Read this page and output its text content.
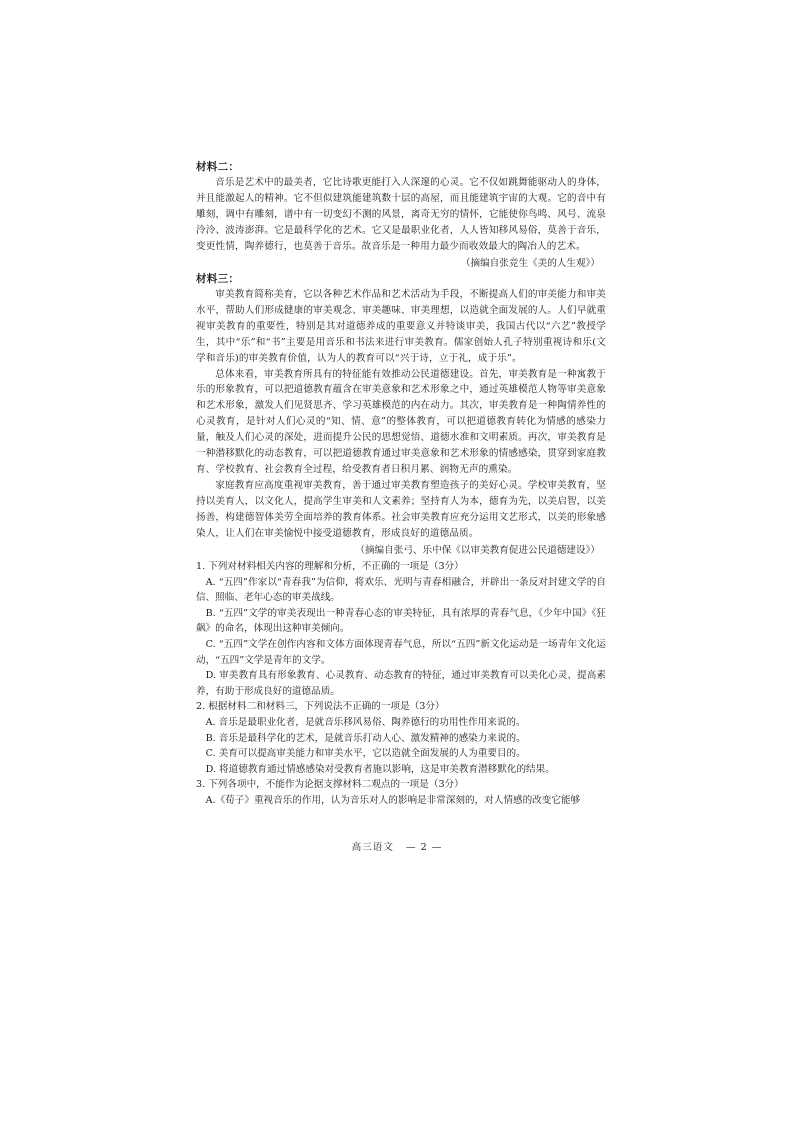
材料二：

音乐是艺术中的最美者，它比诗歌更能打入人深邃的心灵。它不仅如跳舞能驱动人的身体，并且能激起人的精神。它不但似建筑能建筑数十层的高屋，而且能建筑宇宙的大观。它的音中有雕刻，调中有雕刻，谱中有一切变幻不测的风景，离奇无穷的情怀，它能使你鸟鸣、风号、流泉泠泠、波涛澎湃。它是最科学化的艺术。它又是最职业化者，人人皆知移风易俗，莫善于音乐，变更性情，陶养德行，也莫善于音乐。故音乐是一种用力最少而收效最大的陶冶人的艺术。

（摘编自张竞生《美的人生观》）

材料三：

审美教育简称美育，它以各种艺术作品和艺术活动为手段，不断提高人们的审美能力和审美水平，帮助人们形成健康的审美观念、审美趣味、审美理想，以造就全面发展的人。人们早就重视审美教育的重要性，特别是其对道德养成的重要意义并特谈审美，我国古代以“六艺”教授学生，其中“乐”和“书”主要是用音乐和书法来进行审美教育。儒家创始人孔子特别重视诗和乐(文学和音乐)的审美教育价值，认为人的教育可以“兴于诗，立于礼，成于乐”。

总体来看，审美教育所具有的特征能有效推动公民道德建设。首先，审美教育是一种寓教于乐的形象教育，可以把道德教育蕴含在审美意象和艺术形象之中，通过英雄模范人物等审美意象和艺术形象，激发人们见贤思齐、学习英雄模范的内在动力。其次，审美教育是一种陶情养性的心灵教育，是针对人们心灵的“知、情、意”的整体教育，可以把道德教育转化为情感的感染力量，触及人们心灵的深处，进而提升公民的思想觉悟、道德水准和文明素质。再次，审美教育是一种潜移默化的动态教育，可以把道德教育通过审美意象和艺术形象的情感感染，贯穿到家庭教育、学校教育、社会教育全过程，给受教育者日积月累、润物无声的熏染。

家庭教育应高度重视审美教育，善于通过审美教育塑造孩子的美好心灵。学校审美教育，坚持以美育人，以文化人，提高学生审美和人文素养；坚持育人为本，德育为先，以美启智，以美扬善，构建德智体美劳全面培养的教育体系。社会审美教育应充分运用文艺形式，以美的形象感染人，让人们在审美愉悦中接受道德教育，形成良好的道德品质。

（摘编自张弓、乐中保《以审美教育促进公民道德建设》）

1. 下列对材料相关内容的理解和分析，不正确的一项是（3分）

A. “五四”作家以“青春我”为信仰，将欢乐、光明与青春相融合，并辟出一条反对封建文学的自信、照临、老年心态的审美战线。

B. “五四”文学的审美表现出一种青春心态的审美特征，具有浓厚的青春气息，《少年中国》《狂飙》的命名，体现出这种审美倾向。

C. “五四”文学在创作内容和文体方面体现青春气息，所以“五四”新文化运动是一场青年文化运动，“五四”文学是青年的文学。

D. 审美教育具有形象教育、心灵教育、动态教育的特征，通过审美教育可以美化心灵、提高素养，有助于形成良好的道德品质。

2. 根据材料二和材料三，下列说法不正确的一项是（3分）

A. 音乐是最职业化者，是就音乐移风易俗、陶养德行的功用性作用来说的。

B. 音乐是最科学化的艺术，是就音乐打动人心、激发精神的感染力来说的。

C. 美育可以提高审美能力和审美水平，它以造就全面发展的人为重要目的。

D. 将道德教育通过情感感染对受教育者施以影响，这是审美教育潜移默化的结果。

3. 下列各项中，不能作为论据支撑材料二观点的一项是（3分）

A.《荀子》重视音乐的作用，认为音乐对人的影响是非常深刻的，对人情感的改变它能够

高三语文 — 2 —
